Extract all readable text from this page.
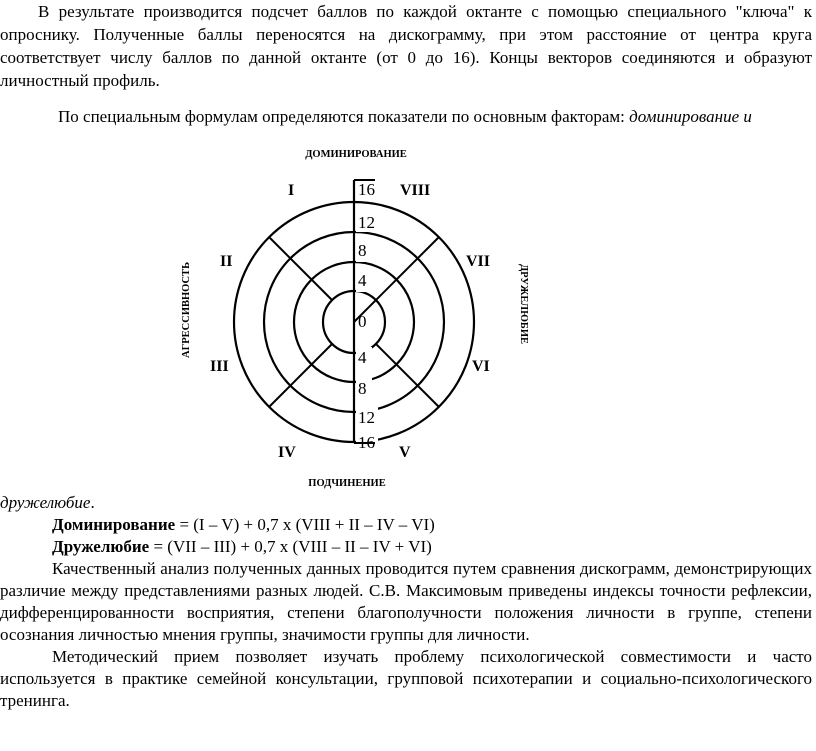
В результате производится подсчет баллов по каждой октанте с помощью специального "ключа" к опроснику. Полученные баллы переносятся на дискограмму, при этом расстояние от центра круга соответствует числу баллов по данной октанте (от 0 до 16). Концы векторов соединяются и образуют личностный профиль.

По специальным формулам определяются показатели по основным факторам: доминирование и

16
12
8
4
0
4
8
12
16
I	VIII
II	VII
III	VI
IV	V
ДОМИНИРОВАНИЕ
ПОДЧИНЕНИЕ
АГРЕССИВНОСТЬ	ДРУЖЕЛЮБИЕ

дружелюбие.

Доминирование = (I – V) + 0,7 x (VIII + II – IV – VI)

Дружелюбие = (VII – III) + 0,7 x (VIII – II – IV + VI)

Качественный анализ полученных данных проводится путем сравнения дискограмм, демонстрирующих различие между представлениями разных людей. С.В. Максимовым приведены индексы точности рефлексии, дифференцированности восприятия, степени благополучности положения личности в группе, степени осознания личностью мнения группы, значимости группы для личности.

Методический прием позволяет изучать проблему психологической совместимости и часто используется в практике семейной консультации, групповой психотерапии и социально-психологического тренинга.
